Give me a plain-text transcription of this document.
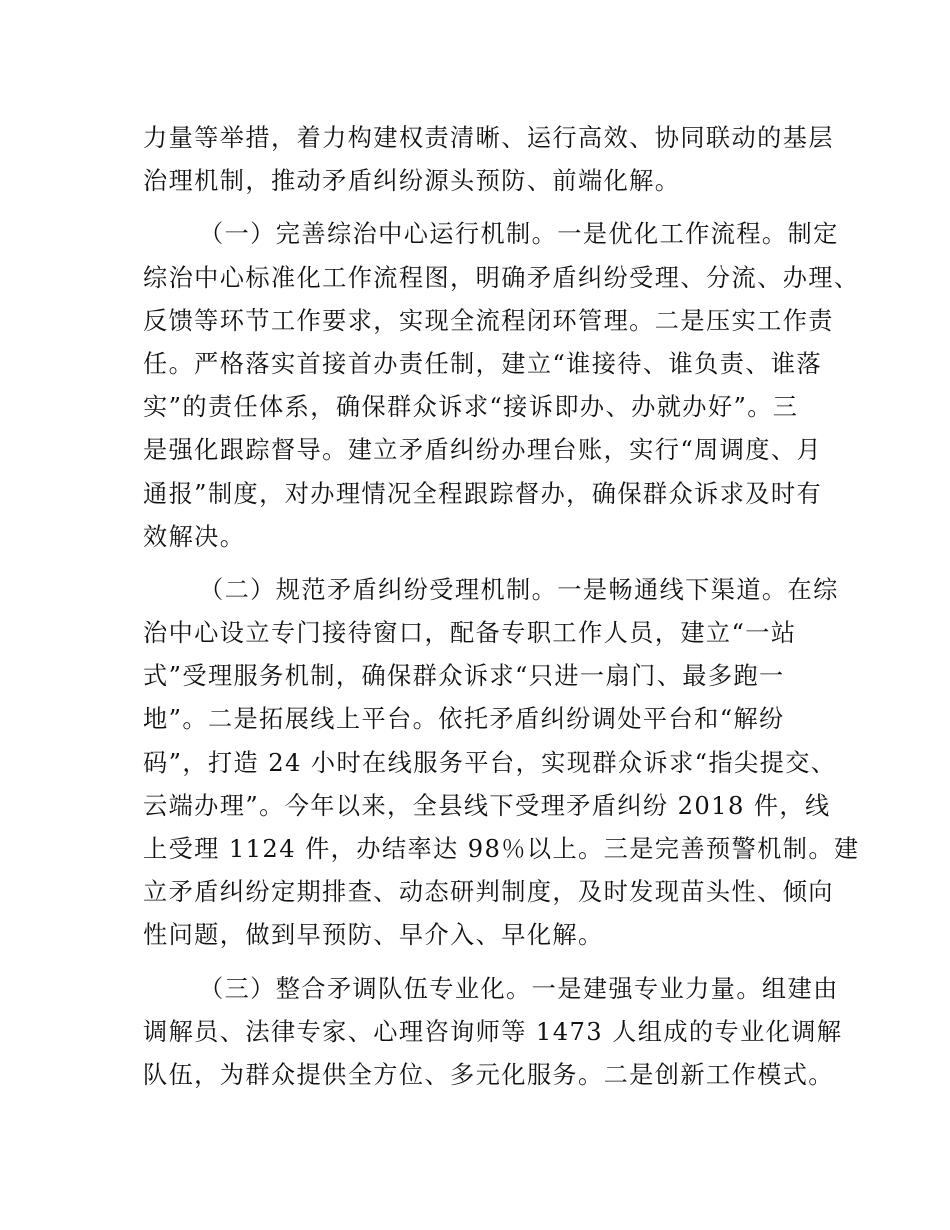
力量等举措，着力构建权责清晰、运行高效、协同联动的基层
治理机制，推动矛盾纠纷源头预防、前端化解。
（一）完善综治中心运行机制。一是优化工作流程。制定
综治中心标准化工作流程图，明确矛盾纠纷受理、分流、办理、
反馈等环节工作要求，实现全流程闭环管理。二是压实工作责
任。严格落实首接首办责任制，建立“谁接待、谁负责、谁落
实”的责任体系，确保群众诉求“接诉即办、办就办好”。三
是强化跟踪督导。建立矛盾纠纷办理台账，实行“周调度、月
通报”制度，对办理情况全程跟踪督办，确保群众诉求及时有
效解决。
（二）规范矛盾纠纷受理机制。一是畅通线下渠道。在综
治中心设立专门接待窗口，配备专职工作人员，建立“一站
式”受理服务机制，确保群众诉求“只进一扇门、最多跑一
地”。二是拓展线上平台。依托矛盾纠纷调处平台和“解纷
码”，打造 24 小时在线服务平台，实现群众诉求“指尖提交、
云端办理”。今年以来，全县线下受理矛盾纠纷 2018 件，线
上受理 1124 件，办结率达 98％以上。三是完善预警机制。建
立矛盾纠纷定期排查、动态研判制度，及时发现苗头性、倾向
性问题，做到早预防、早介入、早化解。
（三）整合矛调队伍专业化。一是建强专业力量。组建由
调解员、法律专家、心理咨询师等 1473 人组成的专业化调解
队伍，为群众提供全方位、多元化服务。二是创新工作模式。
